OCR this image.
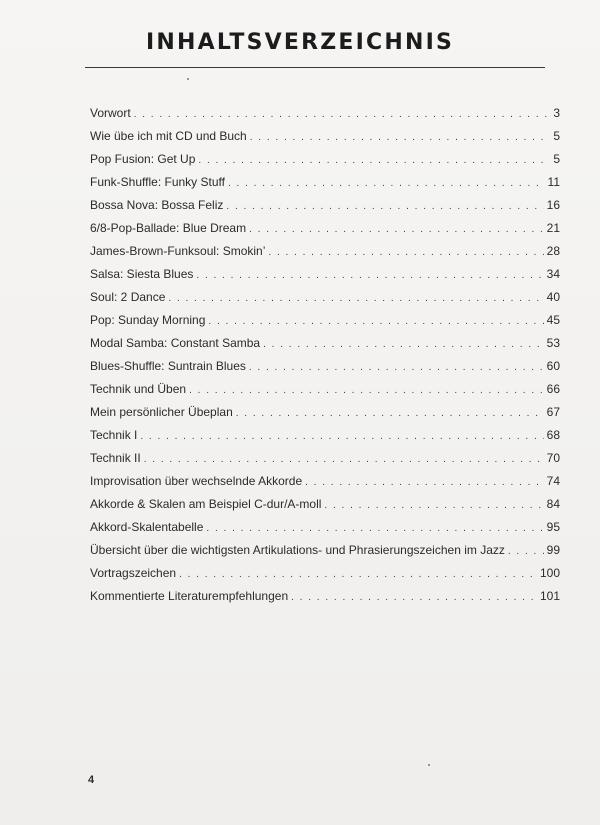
INHALTSVERZEICHNIS
Vorwort . . .	3
Wie übe ich mit CD und Buch . . .	5
Pop Fusion: Get Up . . .	5
Funk-Shuffle: Funky Stuff . . .	11
Bossa Nova: Bossa Feliz . . .	16
6/8-Pop-Ballade: Blue Dream . . .	21
James-Brown-Funksoul: Smokin’ . . .	28
Salsa: Siesta Blues . . .	34
Soul: 2 Dance . . .	40
Pop: Sunday Morning . . .	45
Modal Samba: Constant Samba . . .	53
Blues-Shuffle: Suntrain Blues . . .	60
Technik und Üben . . .	66
Mein persönlicher Übeplan . . .	67
Technik I . . .	68
Technik II . . .	70
Improvisation über wechselnde Akkorde . . .	74
Akkorde & Skalen am Beispiel C-dur/A-moll . . .	84
Akkord-Skalentabelle . . .	95
Übersicht über die wichtigsten Artikulations- und Phrasierungszeichen im Jazz . . .	99
Vortragszeichen . . .	100
Kommentierte Literaturempfehlungen . . .	101
4
